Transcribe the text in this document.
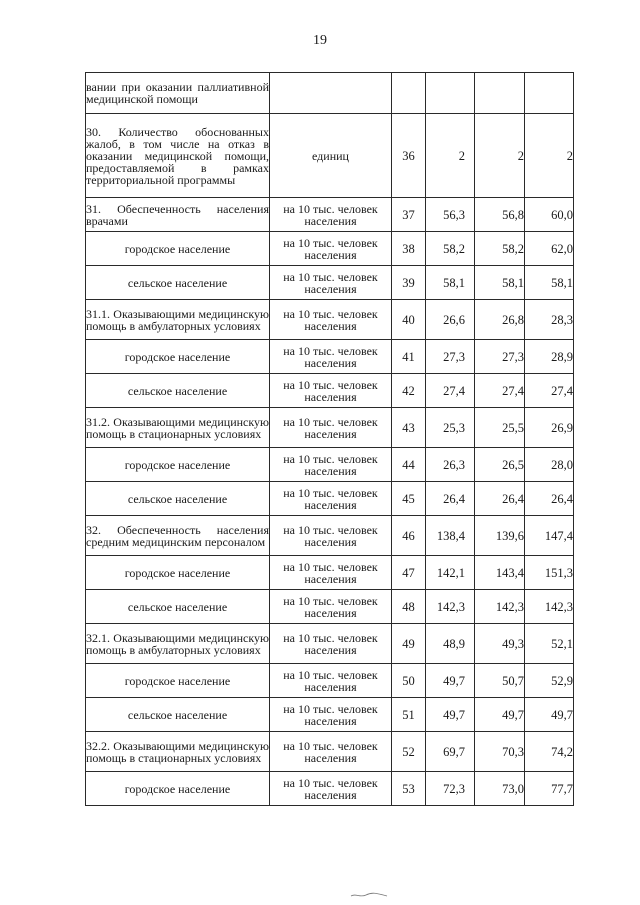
19
вании при оказании паллиативной медицинской помощи					

30. Количество обоснованных жалоб, в том числе на отказ в оказании медицинской помощи, предоставляемой в рамках территориальной программы	единиц	36	2	2	2

31. Обеспеченность населения врачами	на 10 тыс. человек населения	37	56,3	56,8	60,0

городское население	на 10 тыс. человек населения	38	58,2	58,2	62,0

сельское население	на 10 тыс. человек населения	39	58,1	58,1	58,1

31.1. Оказывающими медицинскую помощь в амбулаторных условиях	на 10 тыс. человек населения	40	26,6	26,8	28,3

городское население	на 10 тыс. человек населения	41	27,3	27,3	28,9

сельское население	на 10 тыс. человек населения	42	27,4	27,4	27,4

31.2. Оказывающими медицинскую помощь в стационарных условиях	на 10 тыс. человек населения	43	25,3	25,5	26,9

городское население	на 10 тыс. человек населения	44	26,3	26,5	28,0

сельское население	на 10 тыс. человек населения	45	26,4	26,4	26,4

32. Обеспеченность населения средним медицинским персоналом	на 10 тыс. человек населения	46	138,4	139,6	147,4

городское население	на 10 тыс. человек населения	47	142,1	143,4	151,3

сельское население	на 10 тыс. человек населения	48	142,3	142,3	142,3

32.1. Оказывающими медицинскую помощь в амбулаторных условиях	на 10 тыс. человек населения	49	48,9	49,3	52,1

городское население	на 10 тыс. человек населения	50	49,7	50,7	52,9

сельское население	на 10 тыс. человек населения	51	49,7	49,7	49,7

32.2. Оказывающими медицинскую помощь в стационарных условиях	на 10 тыс. человек населения	52	69,7	70,3	74,2

городское население	на 10 тыс. человек населения	53	72,3	73,0	77,7
